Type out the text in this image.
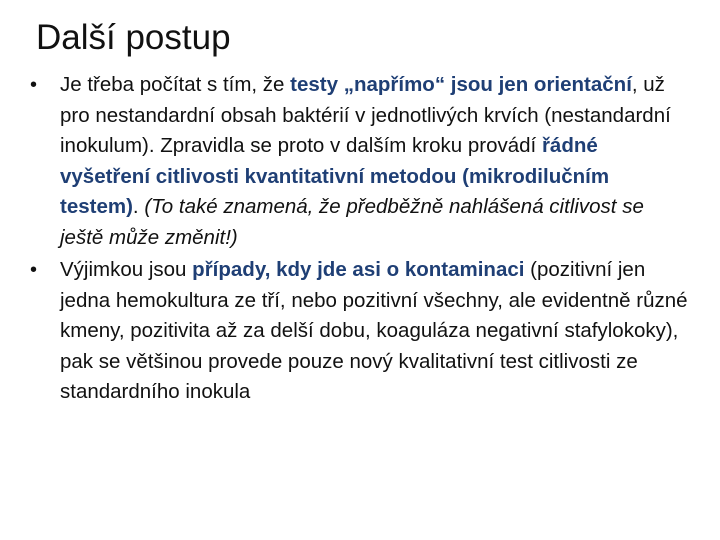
Další postup
•	Je třeba počítat s tím, že testy „napřímo“ jsou jen orientační, už pro nestandardní obsah baktérií v jednotlivých krvích (nestandardní inokulum). Zpravidla se proto v dalším kroku provádí řádné vyšetření citlivosti kvantitativní metodou (mikrodilučním testem). (To také znamená, že předběžně nahlášená citlivost se ještě může změnit!)
•	Výjimkou jsou případy, kdy jde asi o kontaminaci (pozitivní jen jedna hemokultura ze tří, nebo pozitivní všechny, ale evidentně různé kmeny, pozitivita až za delší dobu, koaguláza negativní stafylokoky), pak se většinou provede pouze nový kvalitativní test citlivosti ze standardního inokula
